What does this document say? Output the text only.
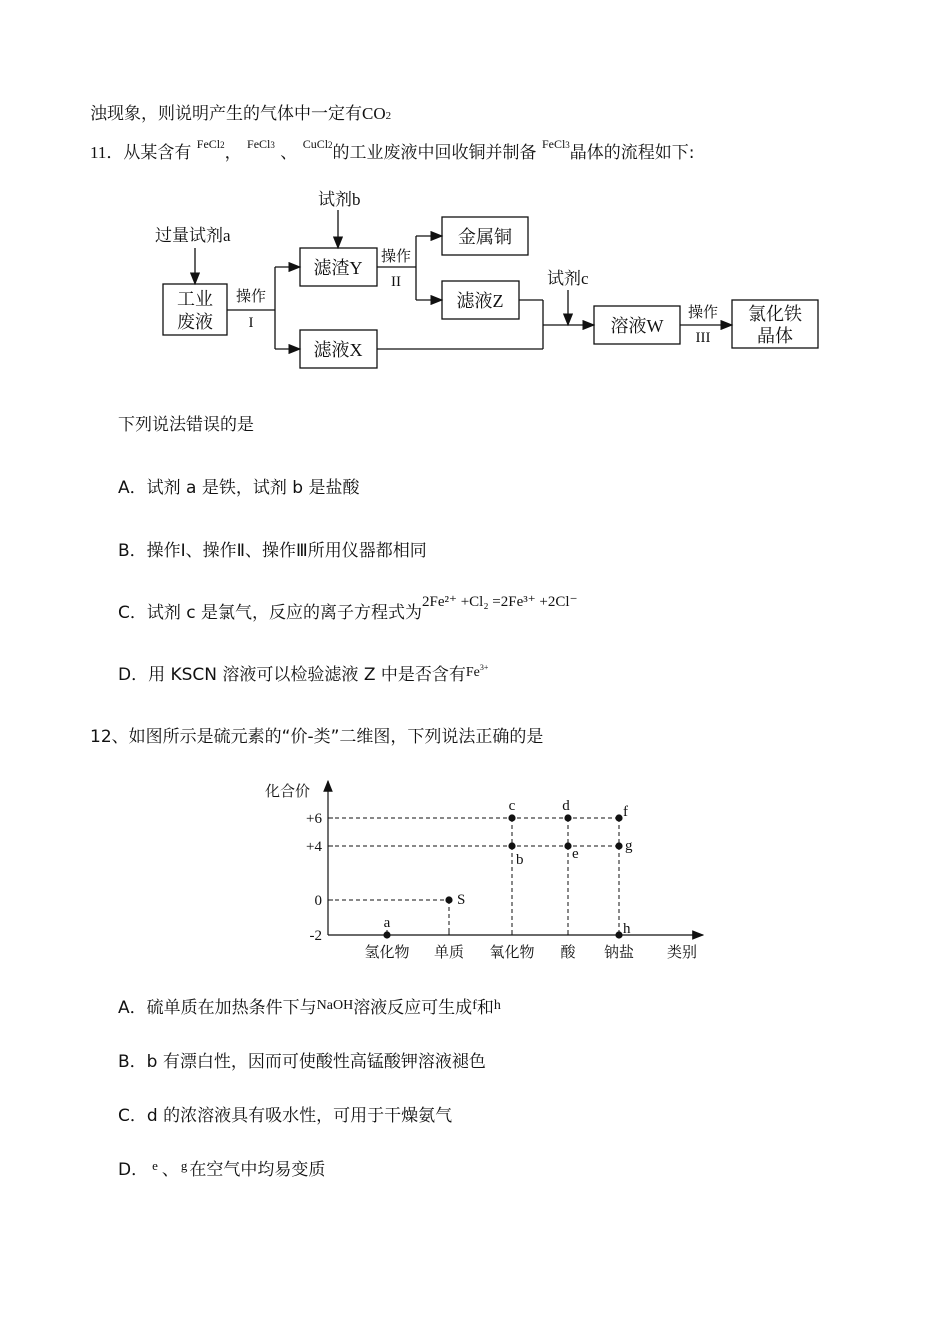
浊现象，则说明产生的气体中一定有CO2
11．从某含有 $^{FeCl2}$， $^{FeCl3}$ 、 $^{CuCl2}$的工业废液中回收铜并制备 $^{FeCl3}$晶体的流程如下:
过量试剂a
工业
废液
操作
I
滤渣Y
滤液X
试剂b
操作
II
金属铜
滤液Z
试剂c
溶液W
操作
III
氯化铁
晶体
下列说法错误的是
A．试剂 a 是铁，试剂 b 是盐酸
B．操作Ⅰ、操作Ⅱ、操作Ⅲ所用仪器都相同
C．试剂 c 是氯气，反应的离子方程式为2Fe²⁺ +Cl₂ =2Fe³⁺ +2Cl⁻
D．用 KSCN 溶液可以检验滤液 Z 中是否含有$^{Fe^{3+}}$
12、如图所示是硫元素的“价-类”二维图，下列说法正确的是
化合价
类别
+6
+4
0
-2
氢化物 单质 氧化物 酸 钠盐
a
S
b
c
e
d
g
f
h
A．硫单质在加热条件下与$^{NaOH}$溶液反应可生成$^f$和$^h$
B．b 有漂白性，因而可使酸性高锰酸钾溶液褪色
C．d 的浓溶液具有吸水性，可用于干燥氨气
D． $^e$ 、 $^g$ 在空气中均易变质
